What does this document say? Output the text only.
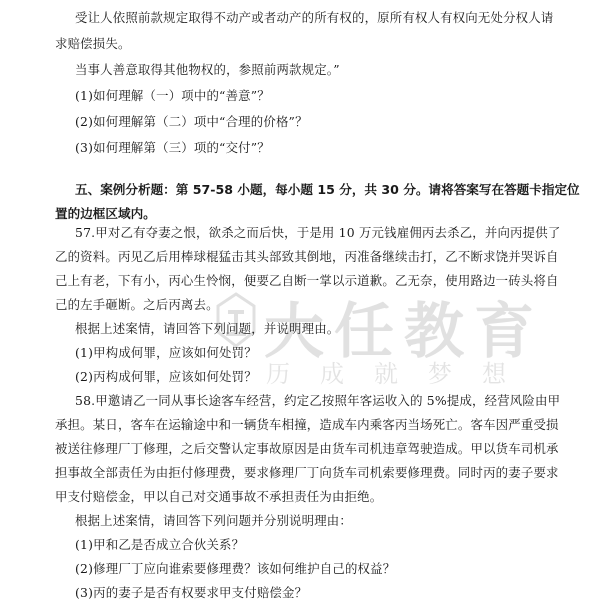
受让人依照前款规定取得不动产或者动产的所有权的，原所有权人有权向无处分权人请
求赔偿损失。
当事人善意取得其他物权的，参照前两款规定。”
(1)如何理解（一）项中的“善意”？
(2)如何理解第（二）项中“合理的价格”？
(3)如何理解第（三）项的“交付”？
五、案例分析题：第 57-58 小题，每小题 15 分，共 30 分。请将答案写在答题卡指定位
置的边框区域内。
57.甲对乙有夺妻之恨，欲杀之而后快，于是用 10 万元钱雇佣丙去杀乙，并向丙提供了
乙的资料。丙见乙后用棒球棍猛击其头部致其倒地，丙准备继续击打，乙不断求饶并哭诉自
己上有老，下有小，丙心生怜悯，便要乙自断一掌以示道歉。乙无奈，使用路边一砖头将自
己的左手砸断。之后丙离去。
根据上述案情，请回答下列问题，并说明理由。
(1)甲构成何罪，应该如何处罚？
(2)丙构成何罪，应该如何处罚？
58.甲邀请乙一同从事长途客车经营，约定乙按照年客运收入的 5%提成，经营风险由甲
承担。某日，客车在运输途中和一辆货车相撞，造成车内乘客丙当场死亡。客车因严重受损
被送往修理厂丁修理，之后交警认定事故原因是由货车司机违章驾驶造成。甲以货车司机承
担事故全部责任为由拒付修理费，要求修理厂丁向货车司机索要修理费。同时丙的妻子要求
甲支付赔偿金，甲以自己对交通事故不承担责任为由拒绝。
根据上述案情，请回答下列问题并分别说明理由：
(1)甲和乙是否成立合伙关系？
(2)修理厂丁应向谁索要修理费？该如何维护自己的权益？
(3)丙的妻子是否有权要求甲支付赔偿金？
大任教育
历成就梦想
